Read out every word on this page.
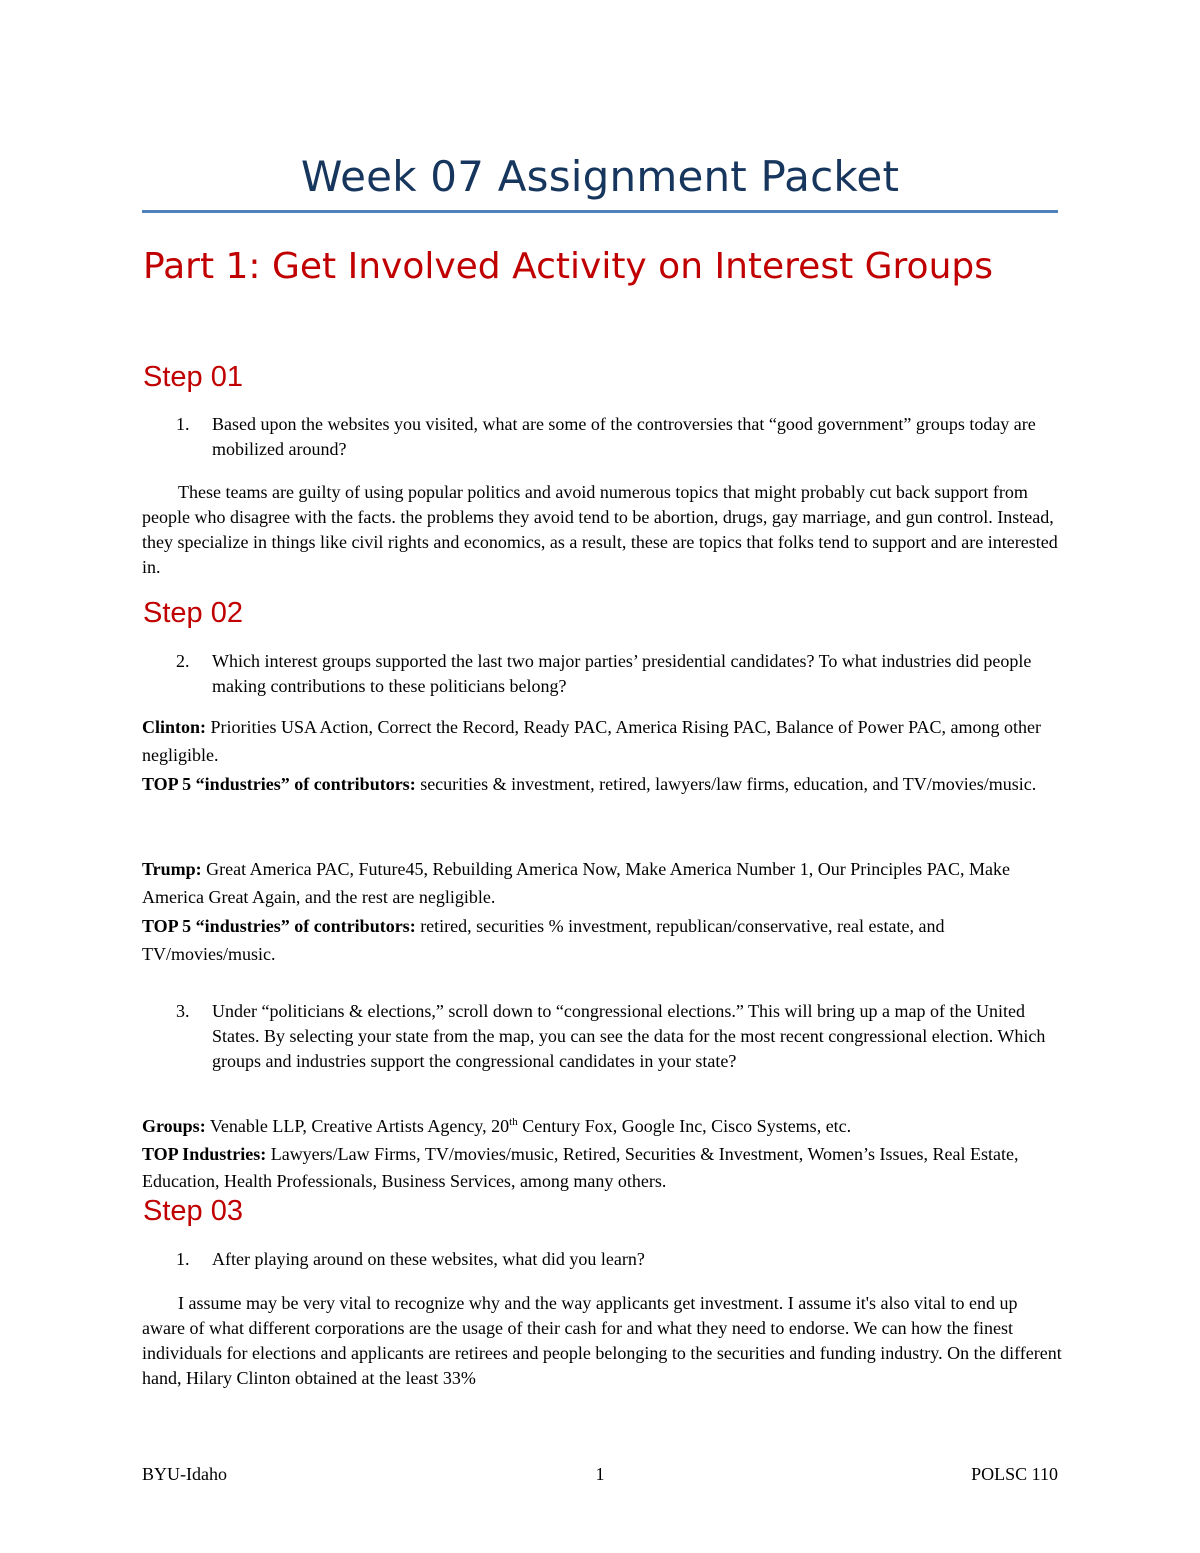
Week 07 Assignment Packet
Part 1: Get Involved Activity on Interest Groups
Step 01
1. Based upon the websites you visited, what are some of the controversies that “good government” groups today are mobilized around?
These teams are guilty of using popular politics and avoid numerous topics that might probably cut back support from people who disagree with the facts. the problems they avoid tend to be abortion, drugs, gay marriage, and gun control. Instead, they specialize in things like civil rights and economics, as a result, these are topics that folks tend to support and are interested in.
Step 02
2. Which interest groups supported the last two major parties’ presidential candidates? To what industries did people making contributions to these politicians belong?
Clinton: Priorities USA Action, Correct the Record, Ready PAC, America Rising PAC, Balance of Power PAC, among other negligible.
TOP 5 “industries” of contributors: securities & investment, retired, lawyers/law firms, education, and TV/movies/music.
Trump: Great America PAC, Future45, Rebuilding America Now, Make America Number 1, Our Principles PAC, Make America Great Again, and the rest are negligible.
TOP 5 “industries” of contributors: retired, securities % investment, republican/conservative, real estate, and TV/movies/music.
3. Under “politicians & elections,” scroll down to “congressional elections.” This will bring up a map of the United States. By selecting your state from the map, you can see the data for the most recent congressional election. Which groups and industries support the congressional candidates in your state?
Groups: Venable LLP, Creative Artists Agency, 20th Century Fox, Google Inc, Cisco Systems, etc.
TOP Industries: Lawyers/Law Firms, TV/movies/music, Retired, Securities & Investment, Women’s Issues, Real Estate, Education, Health Professionals, Business Services, among many others.
Step 03
1. After playing around on these websites, what did you learn?
I assume may be very vital to recognize why and the way applicants get investment. I assume it's also vital to end up aware of what different corporations are the usage of their cash for and what they need to endorse. We can how the finest individuals for elections and applicants are retirees and people belonging to the securities and funding industry. On the different hand, Hilary Clinton obtained at the least 33%
BYU-Idaho	1	POLSC 110
